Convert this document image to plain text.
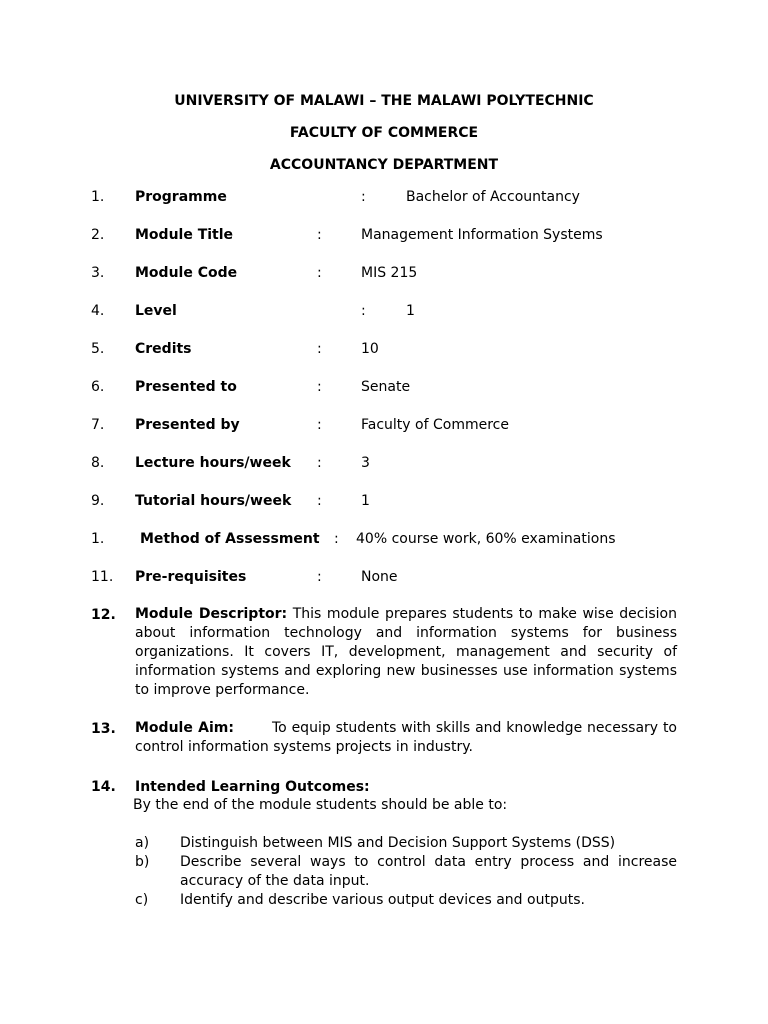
UNIVERSITY OF MALAWI – THE MALAWI POLYTECHNIC
FACULTY OF COMMERCE
ACCOUNTANCY DEPARTMENT
1. Programme	:	Bachelor of Accountancy
2. Module Title	:	Management Information Systems
3. Module Code	:	MIS 215
4. Level	:	1
5. Credits	:	10
6. Presented to	:	Senate
7. Presented by	:	Faculty of Commerce
8. Lecture hours/week :	3
9. Tutorial hours/week :	1
1.	Method of Assessment : 40% course work, 60% examinations
11. Pre-requisites	:	None
12. Module Descriptor: This module prepares students to make wise decision about information technology and information systems for business organizations. It covers IT, development, management and security of information systems and exploring new businesses use information systems to improve performance.
13. Module Aim:	To equip students with skills and knowledge necessary to control information systems projects in industry.
14. Intended Learning Outcomes:
By the end of the module students should be able to:
a) Distinguish between MIS and Decision Support Systems (DSS)
b) Describe several ways to control data entry process and increase accuracy of the data input.
c) Identify and describe various output devices and outputs.
